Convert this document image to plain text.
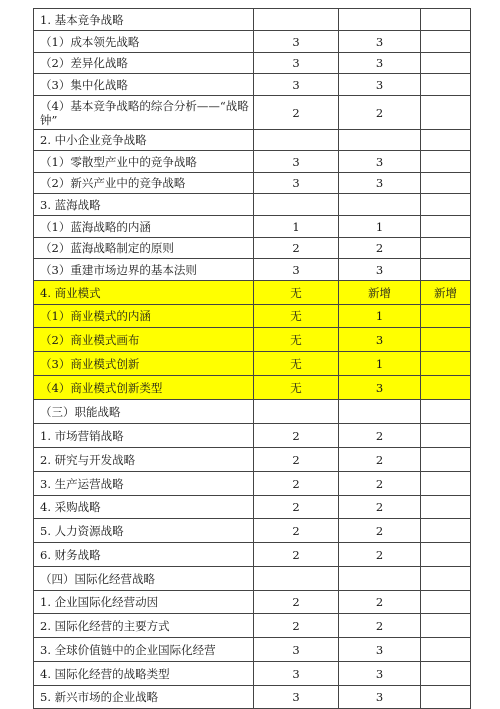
1. 基本竞争战略			
（1）成本领先战略	3	3	
（2）差异化战略	3	3	
（3）集中化战略	3	3	
（4）基本竞争战略的综合分析——“战略钟”	2	2	
2. 中小企业竞争战略			
（1）零散型产业中的竞争战略	3	3	
（2）新兴产业中的竞争战略	3	3	
3. 蓝海战略			
（1）蓝海战略的内涵	1	1	
（2）蓝海战略制定的原则	2	2	
（3）重建市场边界的基本法则	3	3	
4. 商业模式	无	新增	新增
（1）商业模式的内涵	无	1	
（2）商业模式画布	无	3	
（3）商业模式创新	无	1	
（4）商业模式创新类型	无	3	
（三）职能战略			
1. 市场营销战略	2	2	
2. 研究与开发战略	2	2	
3. 生产运营战略	2	2	
4. 采购战略	2	2	
5. 人力资源战略	2	2	
6. 财务战略	2	2	
（四）国际化经营战略			
1. 企业国际化经营动因	2	2	
2. 国际化经营的主要方式	2	2	
3. 全球价值链中的企业国际化经营	3	3	
4. 国际化经营的战略类型	3	3	
5. 新兴市场的企业战略	3	3	
